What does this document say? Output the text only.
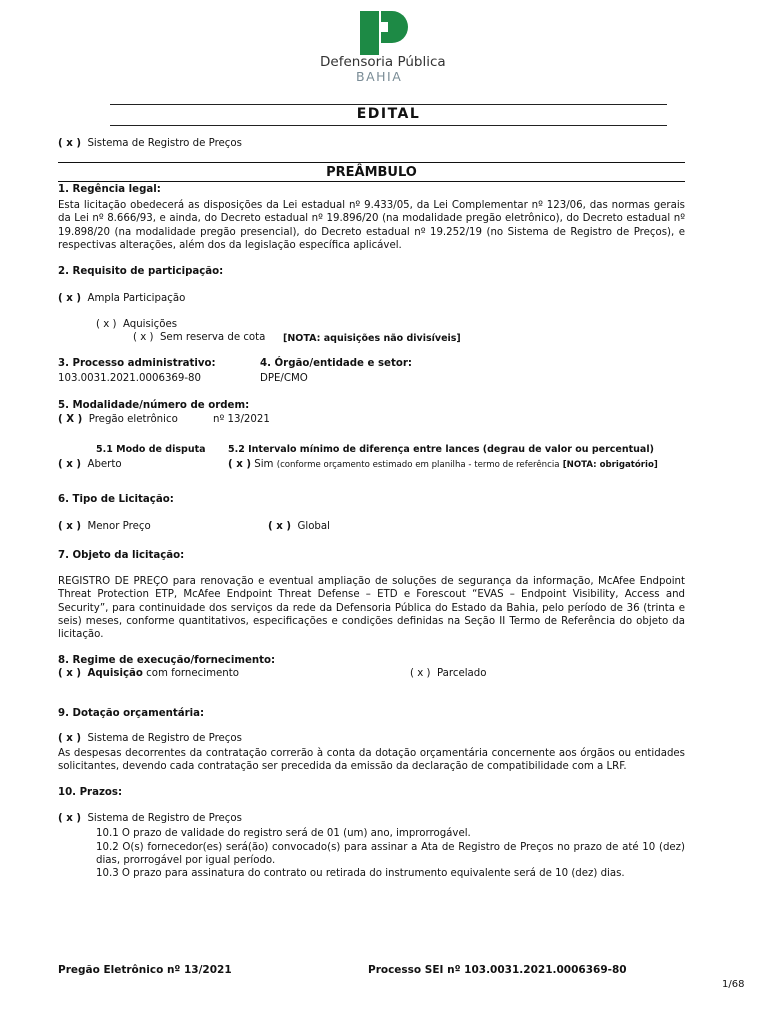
Defensoria Pública
BAHIA
EDITAL
( x ) Sistema de Registro de Preços
PREÂMBULO
1. Regência legal:
Esta licitação obedecerá as disposições da Lei estadual nº 9.433/05, da Lei Complementar nº 123/06, das normas gerais da Lei nº 8.666/93, e ainda, do Decreto estadual nº 19.896/20 (na modalidade pregão eletrônico), do Decreto estadual nº 19.898/20 (na modalidade pregão presencial), do Decreto estadual nº 19.252/19 (no Sistema de Registro de Preços), e respectivas alterações, além dos da legislação específica aplicável.
2. Requisito de participação:
( x ) Ampla Participação
( x ) Aquisições
( x ) Sem reserva de cota [NOTA: aquisições não divisíveis]
3. Processo administrativo:
103.0031.2021.0006369-80
4. Órgão/entidade e setor:
DPE/CMO
5. Modalidade/número de ordem:
( X ) Pregão eletrônico	nº 13/2021
5.1 Modo de disputa
( x ) Aberto
5.2 Intervalo mínimo de diferença entre lances (degrau de valor ou percentual)
( x ) Sim (conforme orçamento estimado em planilha - termo de referência [NOTA: obrigatório]
6. Tipo de Licitação:
( x ) Menor Preço	( x ) Global
7. Objeto da licitação:
REGISTRO DE PREÇO para renovação e eventual ampliação de soluções de segurança da informação, McAfee Endpoint Threat Protection ETP, McAfee Endpoint Threat Defense – ETD e Forescout “EVAS – Endpoint Visibility, Access and Security”, para continuidade dos serviços da rede da Defensoria Pública do Estado da Bahia, pelo período de 36 (trinta e seis) meses, conforme quantitativos, especificações e condições definidas na Seção II Termo de Referência do objeto da licitação.
8. Regime de execução/fornecimento:
( x ) Aquisição com fornecimento	( x ) Parcelado
9. Dotação orçamentária:
( x ) Sistema de Registro de Preços
As despesas decorrentes da contratação correrão à conta da dotação orçamentária concernente aos órgãos ou entidades solicitantes, devendo cada contratação ser precedida da emissão da declaração de compatibilidade com a LRF.
10. Prazos:
( x ) Sistema de Registro de Preços
10.1 O prazo de validade do registro será de 01 (um) ano, improrrogável.
10.2 O(s) fornecedor(es) será(ão) convocado(s) para assinar a Ata de Registro de Preços no prazo de até 10 (dez) dias, prorrogável por igual período.
10.3 O prazo para assinatura do contrato ou retirada do instrumento equivalente será de 10 (dez) dias.
Pregão Eletrônico nº 13/2021	Processo SEI nº 103.0031.2021.0006369-80
1/68
